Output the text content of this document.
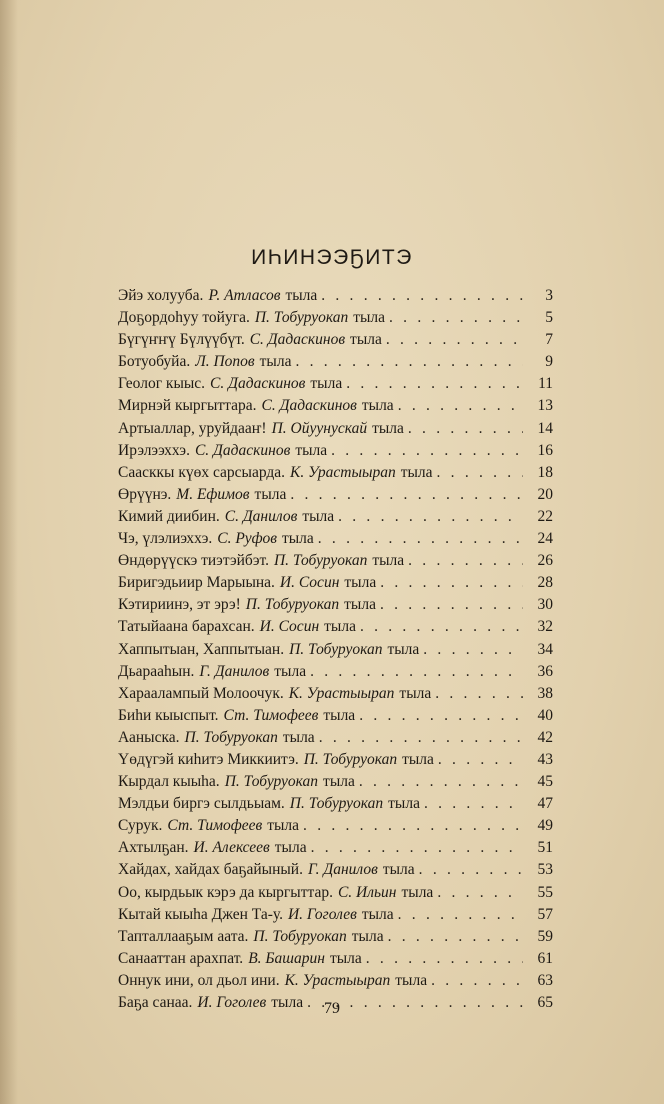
ИҺИНЭЭҔИТЭ
Эйэ холууба. Р. Атласов тыла . . .	3
Доҕордоһуу тойуга. П. Тобуруокап тыла . . .	5
Бүгүҥҥү Бүлүүбүт. С. Дадаскинов тыла . . .	7
Ботуобуйа. Л. Попов тыла . . .	9
Геолог кыыс. С. Дадаскинов тыла . . .	11
Мирнэй кыргыттара. С. Дадаскинов тыла . . .	13
Артыаллар, уруйдааҥ! П. Ойуунускай тыла . . .	14
Ирэлээххэ. С. Дадаскинов тыла . . .	16
Саасккы күөх сарсыарда. К. Урастыырап тыла . . .	18
Өрүүнэ. М. Ефимов тыла . . .	20
Кимий диибин. С. Данилов тыла . . .	22
Чэ, үлэлиэххэ. С. Руфов тыла . . .	24
Өндөрүүскэ тиэтэйбэт. П. Тобуруокап тыла . . .	26
Биригэдьиир Марыына. И. Сосин тыла . . .	28
Кэтириинэ, эт эрэ! П. Тобуруокап тыла . . .	30
Татыйаана барахсан. И. Сосин тыла . . .	32
Хаппытыан, Хаппытыан. П. Тобуруокап тыла . . .	34
Дьарааһын. Г. Данилов тыла . . .	36
Хараалампый Молоочук. К. Урастыырап тыла . . .	38
Биһи кыыспыт. Ст. Тимофеев тыла . . .	40
Ааныска. П. Тобуруокап тыла . . .	42
Үөдүгэй киһитэ Миккиитэ. П. Тобуруокап тыла . . .	43
Кырдал кыыһа. П. Тобуруокап тыла . . .	45
Мэлдьи биргэ сылдьыам. П. Тобуруокап тыла . . .	47
Сурук. Ст. Тимофеев тыла . . .	49
Ахтылҕан. И. Алексеев тыла . . .	51
Хайдах, хайдах баҕайыный. Г. Данилов тыла . . .	53
Оо, кырдьык кэрэ да кыргыттар. С. Ильин тыла . . .	55
Кытай кыыһа Джен Та-у. И. Гоголев тыла . . .	57
Тапталлааҕым аата. П. Тобуруокап тыла . . .	59
Санааттан арахпат. В. Башарин тыла . . .	61
Оннук ини, ол дьол ини. К. Урастыырап тыла . . .	63
Баҕа санаа. И. Гоголев тыла . . .	65
79
